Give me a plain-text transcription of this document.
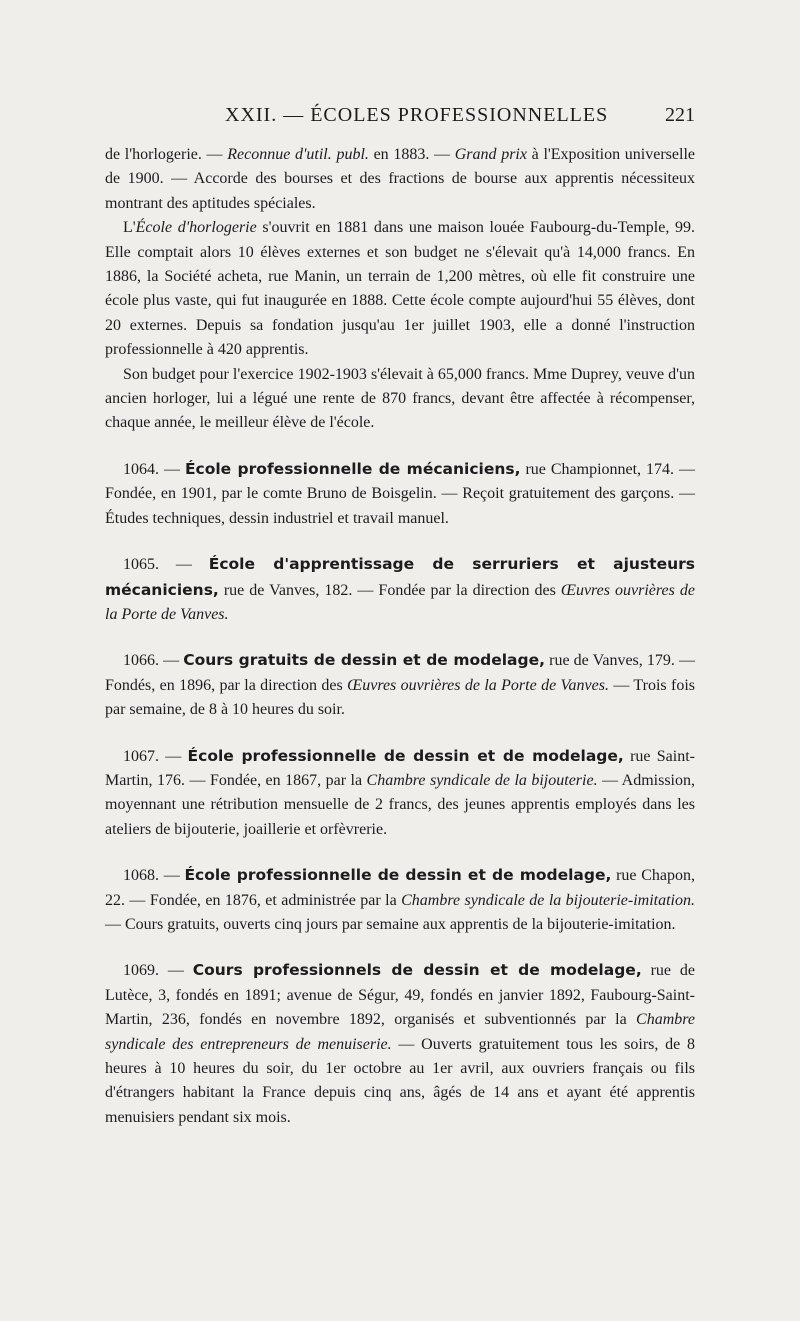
XXII. — ÉCOLES PROFESSIONNELLES	221

de l'horlogerie. — Reconnue d'util. publ. en 1883. — Grand prix à l'Exposition universelle de 1900. — Accorde des bourses et des fractions de bourse aux apprentis nécessiteux montrant des aptitudes spéciales.

L'École d'horlogerie s'ouvrit en 1881 dans une maison louée Faubourg-du-Temple, 99. Elle comptait alors 10 élèves externes et son budget ne s'élevait qu'à 14,000 francs. En 1886, la Société acheta, rue Manin, un terrain de 1,200 mètres, où elle fit construire une école plus vaste, qui fut inaugurée en 1888. Cette école compte aujourd'hui 55 élèves, dont 20 externes. Depuis sa fondation jusqu'au 1er juillet 1903, elle a donné l'instruction professionnelle à 420 apprentis.

Son budget pour l'exercice 1902-1903 s'élevait à 65,000 francs. Mme Duprey, veuve d'un ancien horloger, lui a légué une rente de 870 francs, devant être affectée à récompenser, chaque année, le meilleur élève de l'école.

1064. — École professionnelle de mécaniciens, rue Championnet, 174. — Fondée, en 1901, par le comte Bruno de Boisgelin. — Reçoit gratuitement des garçons. — Études techniques, dessin industriel et travail manuel.

1065. — École d'apprentissage de serruriers et ajusteurs mécaniciens, rue de Vanves, 182. — Fondée par la direction des Œuvres ouvrières de la Porte de Vanves.

1066. — Cours gratuits de dessin et de modelage, rue de Vanves, 179. — Fondés, en 1896, par la direction des Œuvres ouvrières de la Porte de Vanves. — Trois fois par semaine, de 8 à 10 heures du soir.

1067. — École professionnelle de dessin et de modelage, rue Saint-Martin, 176. — Fondée, en 1867, par la Chambre syndicale de la bijouterie. — Admission, moyennant une rétribution mensuelle de 2 francs, des jeunes apprentis employés dans les ateliers de bijouterie, joaillerie et orfèvrerie.

1068. — École professionnelle de dessin et de modelage, rue Chapon, 22. — Fondée, en 1876, et administrée par la Chambre syndicale de la bijouterie-imitation. — Cours gratuits, ouverts cinq jours par semaine aux apprentis de la bijouterie-imitation.

1069. — Cours professionnels de dessin et de modelage, rue de Lutèce, 3, fondés en 1891; avenue de Ségur, 49, fondés en janvier 1892, Faubourg-Saint-Martin, 236, fondés en novembre 1892, organisés et subventionnés par la Chambre syndicale des entrepreneurs de menuiserie. — Ouverts gratuitement tous les soirs, de 8 heures à 10 heures du soir, du 1er octobre au 1er avril, aux ouvriers français ou fils d'étrangers habitant la France depuis cinq ans, âgés de 14 ans et ayant été apprentis menuisiers pendant six mois.
